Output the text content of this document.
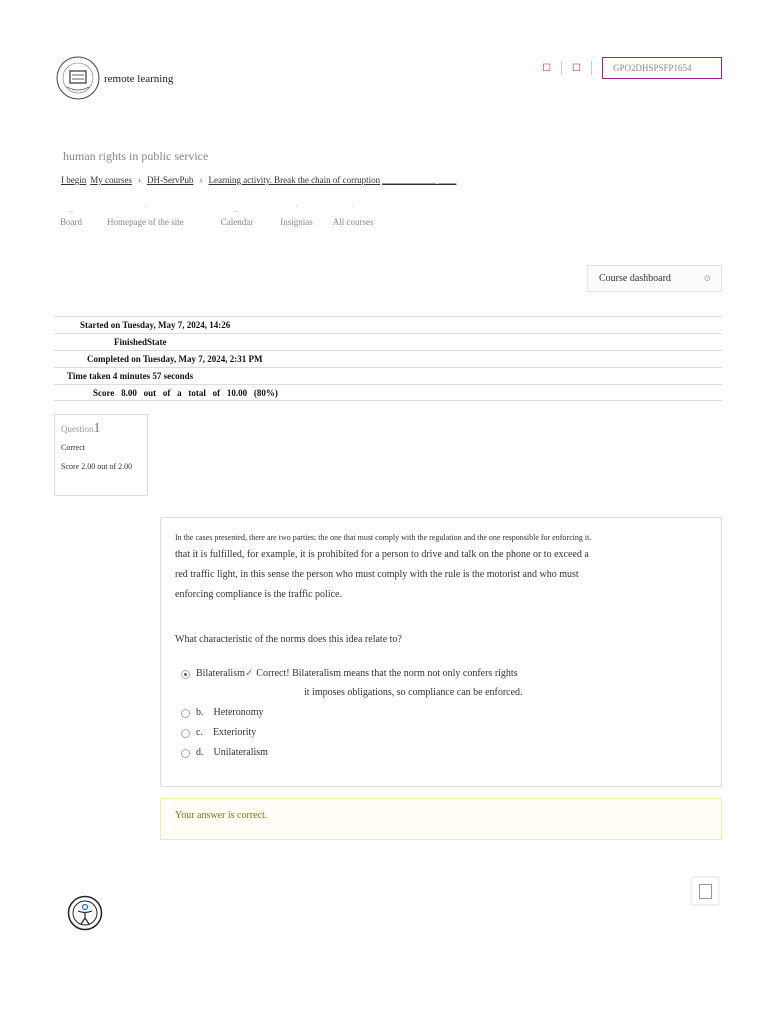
remote learning
☐ ☐	GPO2DHSPSFP1654
human rights in public service
I begin My courses › DH-ServPub › Learning activity. Break the chain of corruption ____________ ____
_
Board
`
Homepage of the site
_
Calendar
`
Insignias
`
All courses
Course dashboard	⊙
Started on Tuesday, May 7, 2024, 14:26
FinishedState
Completed on Tuesday, May 7, 2024, 2:31 PM
Time taken 4 minutes 57 seconds
Score   8.00   out   of   a   total   of   10.00   (80%)
Question1
Correct
Score 2.00 out of 2.00
In the cases presented, there are two parties: the one that must comply with the regulation and the one responsible for enforcing it.
that it is fulfilled, for example, it is prohibited for a person to drive and talk on the phone or to exceed a
red traffic light, in this sense the person who must comply with the rule is the motorist and who must
enforcing compliance is the traffic police.
What characteristic of the norms does this idea relate to?
Bilateralism ✓ Correct! Bilateralism means that the norm not only confers rights
it imposes obligations, so compliance can be enforced.
b. Heteronomy
c. Exteriority
d. Unilateralism
Your answer is correct.
